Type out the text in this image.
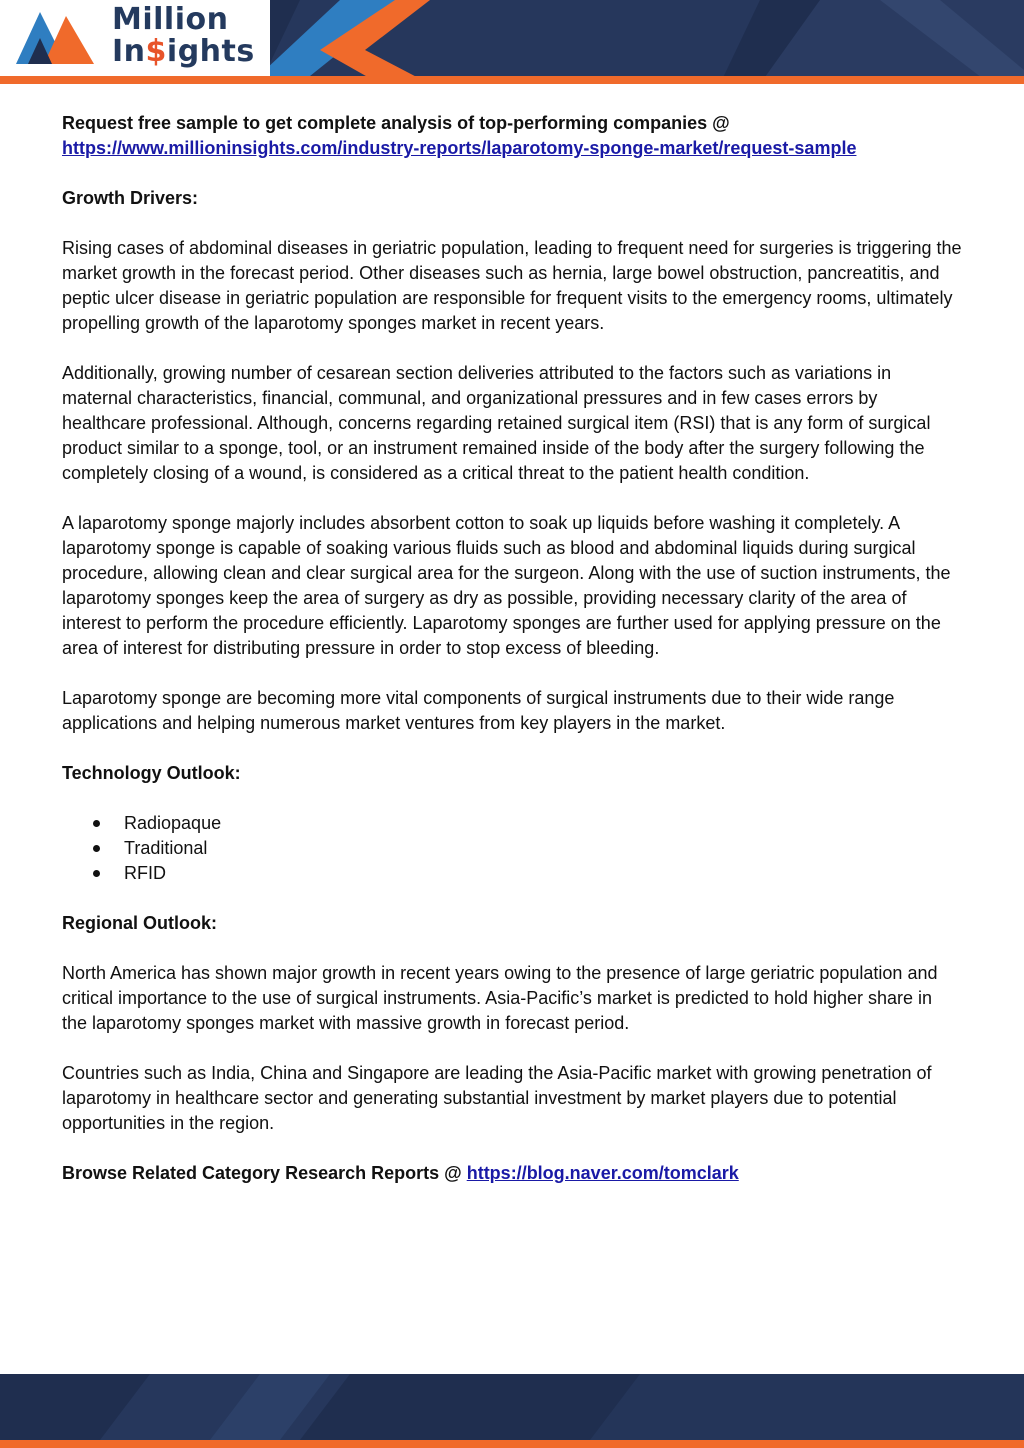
Million
In$ights

Request free sample to get complete analysis of top-performing companies @
https://www.millioninsights.com/industry-reports/laparotomy-sponge-market/request-sample

Growth Drivers:

Rising cases of abdominal diseases in geriatric population, leading to frequent need for surgeries is triggering the market growth in the forecast period. Other diseases such as hernia, large bowel obstruction, pancreatitis, and peptic ulcer disease in geriatric population are responsible for frequent visits to the emergency rooms, ultimately propelling growth of the laparotomy sponges market in recent years.

Additionally, growing number of cesarean section deliveries attributed to the factors such as variations in maternal characteristics, financial, communal, and organizational pressures and in few cases errors by healthcare professional. Although, concerns regarding retained surgical item (RSI) that is any form of surgical product similar to a sponge, tool, or an instrument remained inside of the body after the surgery following the completely closing of a wound, is considered as a critical threat to the patient health condition.

A laparotomy sponge majorly includes absorbent cotton to soak up liquids before washing it completely. A laparotomy sponge is capable of soaking various fluids such as blood and abdominal liquids during surgical procedure, allowing clean and clear surgical area for the surgeon. Along with the use of suction instruments, the laparotomy sponges keep the area of surgery as dry as possible, providing necessary clarity of the area of interest to perform the procedure efficiently. Laparotomy sponges are further used for applying pressure on the area of interest for distributing pressure in order to stop excess of bleeding.

Laparotomy sponge are becoming more vital components of surgical instruments due to their wide range applications and helping numerous market ventures from key players in the market.

Technology Outlook:

Radiopaque
Traditional
RFID

Regional Outlook:

North America has shown major growth in recent years owing to the presence of large geriatric population and critical importance to the use of surgical instruments. Asia-Pacific’s market is predicted to hold higher share in the laparotomy sponges market with massive growth in forecast period.

Countries such as India, China and Singapore are leading the Asia-Pacific market with growing penetration of laparotomy in healthcare sector and generating substantial investment by market players due to potential opportunities in the region.

Browse Related Category Research Reports @ https://blog.naver.com/tomclark
